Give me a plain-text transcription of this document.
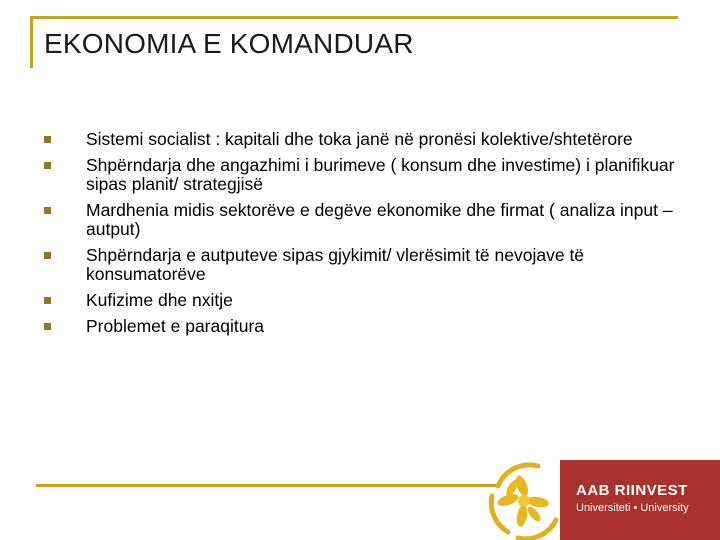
EKONOMIA E KOMANDUAR
Sistemi socialist : kapitali dhe toka janë në pronësi kolektive/shtetërore
Shpërndarja dhe angazhimi i burimeve ( konsum dhe investime) i planifikuar sipas planit/ strategjisë
Mardhenia midis sektorëve e degëve ekonomike dhe firmat ( analiza input –autput)
Shpërndarja e autputeve sipas gjykimit/ vlerësimit të nevojave të konsumatorëve
Kufizime dhe nxitje
Problemet e paraqitura
AAB RIINVEST
Universiteti • University
